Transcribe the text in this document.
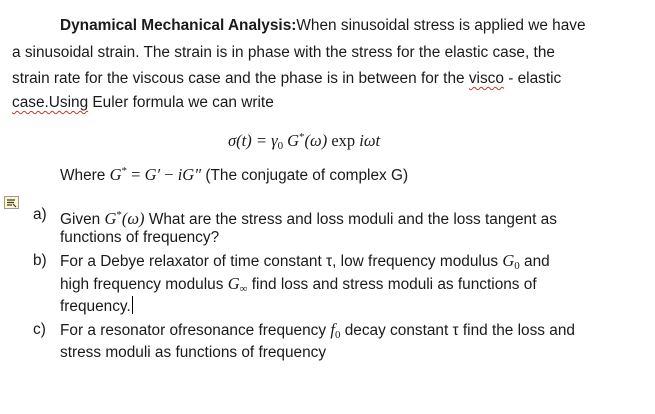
Dynamical Mechanical Analysis:When sinusoidal stress is applied we have
a sinusoidal strain. The strain is in phase with the stress for the elastic case, the
strain rate for the viscous case and the phase is in between for the visco - elastic
case.Using Euler formula we can write
$\sigma(t) = \gamma_0$ G*(ω) exp iωt
Where G* = G′ − iG″ (The conjugate of complex G)
a) Given G*(ω) What are the stress and loss moduli and the loss tangent as
functions of frequency?
b) For a Debye relaxator of time constant τ, low frequency modulus $G_0$ and
high frequency modulus $G_\infty$ find loss and stress moduli as functions of
frequency.
c) For a resonator ofresonance frequency $f_0$ decay constant τ find the loss and
stress moduli as functions of frequency
